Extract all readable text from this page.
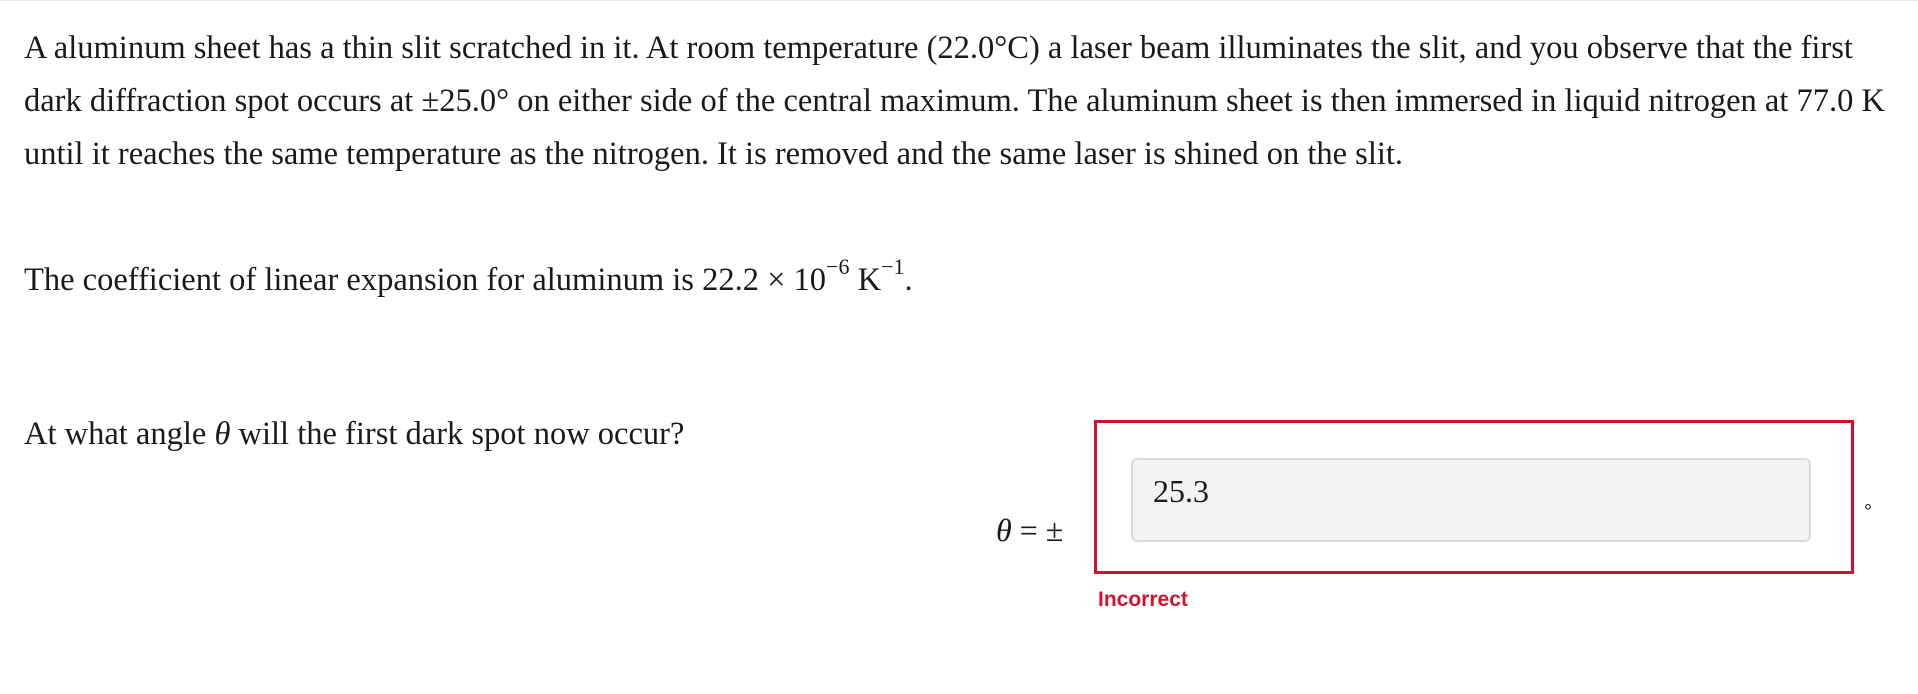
A aluminum sheet has a thin slit scratched in it. At room temperature (22.0°C) a laser beam illuminates the slit, and you observe that the first dark diffraction spot occurs at ±25.0° on either side of the central maximum. The aluminum sheet is then immersed in liquid nitrogen at 77.0 K until it reaches the same temperature as the nitrogen. It is removed and the same laser is shined on the slit.

The coefficient of linear expansion for aluminum is $22.2 \times 10^{-6}$ $K^{-1}$.

At what angle θ will the first dark spot now occur?

θ = ±
25.3
°
Incorrect
